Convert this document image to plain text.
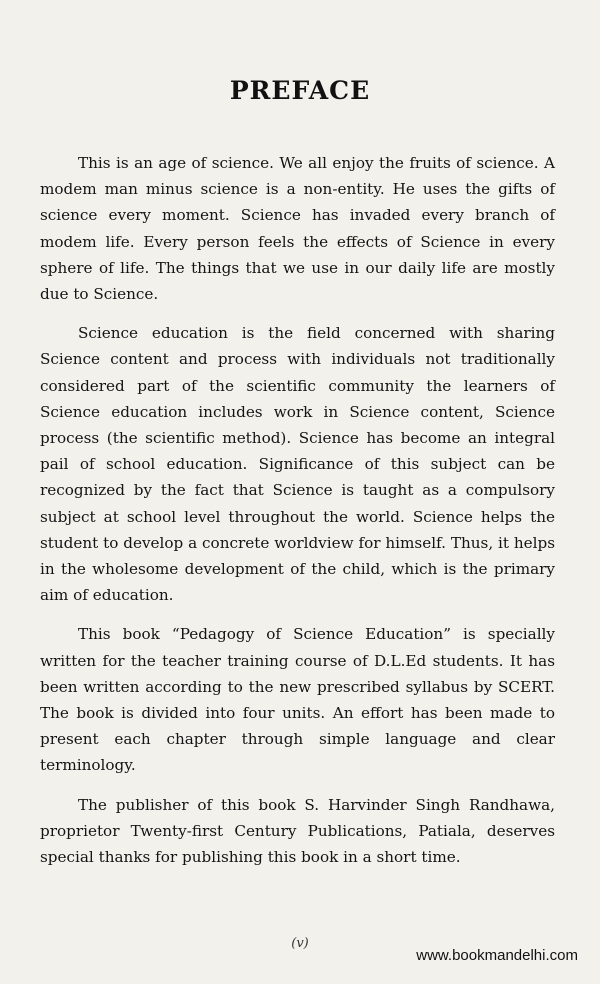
PREFACE

This is an age of science. We all enjoy the fruits of science. A modem man minus science is a non-entity. He uses the gifts of science every moment. Science has invaded every branch of modem life. Every person feels the effects of Science in every sphere of life. The things that we use in our daily life are mostly due to Science.

Science education is the field concerned with sharing Science content and process with individuals not traditionally considered part of the scientific community the learners of Science education includes work in Science content, Science process (the scientific method). Science has become an integral pail of school education. Significance of this subject can be recognized by the fact that Science is taught as a compulsory subject at school level throughout the world. Science helps the student to develop a concrete worldview for himself. Thus, it helps in the wholesome development of the child, which is the primary aim of education.

This book “Pedagogy of Science Education” is specially written for the teacher training course of D.L.Ed students. It has been written according to the new prescribed syllabus by SCERT. The book is divided into four units. An effort has been made to present each chapter through simple language and clear terminology.

The publisher of this book S. Harvinder Singh Randhawa, proprietor Twenty-first Century Publications, Patiala, deserves special thanks for publishing this book in a short time.

(v)
www.bookmandelhi.com
